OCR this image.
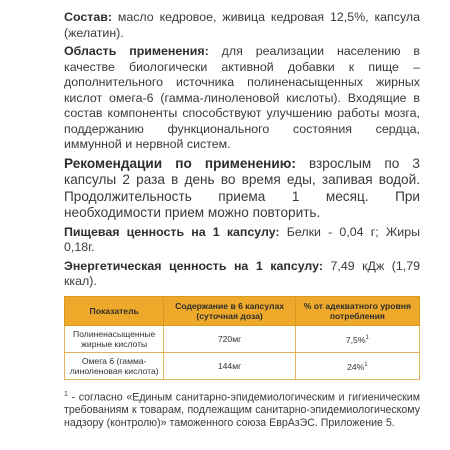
Состав: масло кедровое, живица кедровая 12,5%, капсула (желатин).

Область применения: для реализации населению в качестве биологически активной добавки к пище – дополнительного источника полиненасыщенных жирных кислот омега-6 (гамма-линоленовой кислоты). Входящие в состав компоненты способствуют улучшению работы мозга, поддержанию функционального состояния сердца, иммунной и нервной систем.

Рекомендации по применению: взрослым по 3 капсулы 2 раза в день во время еды, запивая водой. Продолжительность приема 1 месяц. При необходимости прием можно повторить.

Пищевая ценность на 1 капсулу: Белки - 0,04 г; Жиры 0,18г.

Энергетическая ценность на 1 капсулу: 7,49 кДж (1,79 ккал).

Показатель	Содержание в 6 капсулах (суточная доза)	% от адекватного уровня потребления
Полиненасыщенные жирные кислоты	720мг	7,5%$^1$
Омега 6 (гамма-линоленовая кислота)	144мг	24%$^1$

$^1$ - согласно «Единым санитарно-эпидемиологическим и гигиеническим требованиям к товарам, подлежащим санитарно-эпидемиологическому надзору (контролю)» таможенного союза ЕврАзЭС. Приложение 5.
